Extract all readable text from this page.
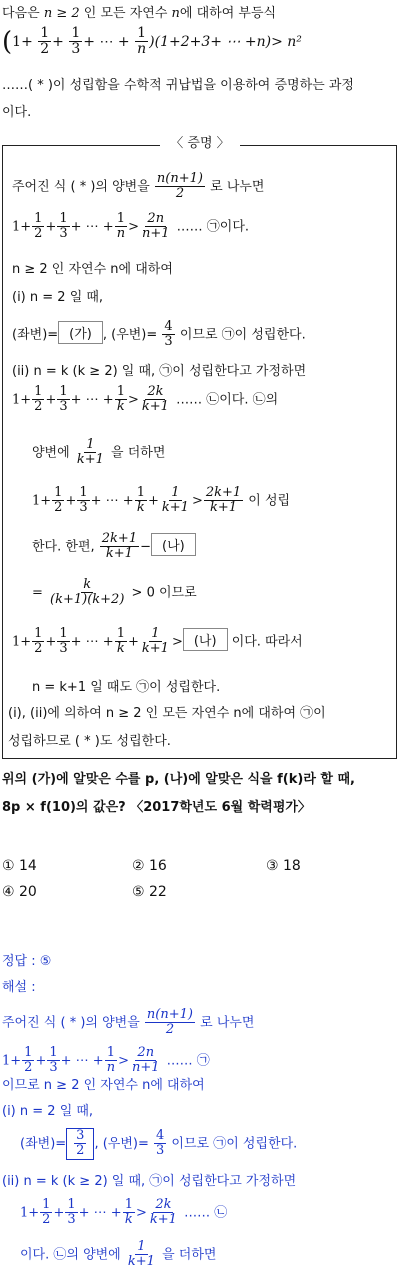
다음은 n ≥ 2 인 모든 자연수 n에 대하여 부등식
($1+ \frac{1}{2} + \frac{1}{3}$ + ⋯ + $\frac{1}{n} )(1+2+3+$ ⋯ +n)> n²
……( * )이 성립함을 수학적 귀납법을 이용하여 증명하는 과정
이다.
〈 증명 〉
주어진 식 ( * )의 양변을 $\frac{n(n+1)}{2}$ 로 나누면
$1+ \frac{1}{2} + \frac{1}{3}$ + ⋯ + $\frac{1}{n} > \frac{2n}{n+1}$ …… ㉠이다.
n ≥ 2 인 자연수 n에 대하여
(i) n = 2 일 때,
(좌변)= (가) , (우변)= $\frac{4}{3}$ 이므로 ㉠이 성립한다.
(ii) n = k (k ≥ 2) 일 때, ㉠이 성립한다고 가정하면
$1+ \frac{1}{2} + \frac{1}{3}$ + ⋯ + $\frac{1}{k} > \frac{2k}{k+1}$ …… ㉡이다. ㉡의
양변에 $\frac{1}{k+1}$ 을 더하면
$1+ \frac{1}{2} + \frac{1}{3}$ + ⋯ + $\frac{1}{k} + \frac{1}{k+1} > \frac{2k+1}{k+1}$ 이 성립
한다. 한편, $\frac{2k+1}{k+1}$ − (나)
= $\frac{k}{(k+1)(k+2)} > 0$ 이므로
$1+ \frac{1}{2} + \frac{1}{3}$ + ⋯ + $\frac{1}{k} + \frac{1}{k+1}$ > (나) 이다. 따라서
n = k+1 일 때도 ㉠이 성립한다.
(i), (ii)에 의하여 n ≥ 2 인 모든 자연수 n에 대하여 ㉠이
성립하므로 ( * )도 성립한다.
위의 (가)에 알맞은 수를 p, (나)에 알맞은 식을 f(k)라 할 때,
8p × f(10)의 값은? 〈2017학년도 6월 학력평가〉
① 14	② 16	③ 18
④ 20	⑤ 22
정답 : ⑤
해설 :
주어진 식 ( * )의 양변을 $\frac{n(n+1)}{2}$ 로 나누면
$1+ \frac{1}{2} + \frac{1}{3}$ + ⋯ + $\frac{1}{n} > \frac{2n}{n+1}$ …… ㉠
이므로 n ≥ 2 인 자연수 n에 대하여
(i) n = 2 일 때,
(좌변)= $\frac{3}{2}$ , (우변)= $\frac{4}{3}$ 이므로 ㉠이 성립한다.
(ii) n = k (k ≥ 2) 일 때, ㉠이 성립한다고 가정하면
$1+ \frac{1}{2} + \frac{1}{3}$ + ⋯ + $\frac{1}{k} > \frac{2k}{k+1}$ …… ㉡
이다. ㉡의 양변에 $\frac{1}{k+1}$ 을 더하면
